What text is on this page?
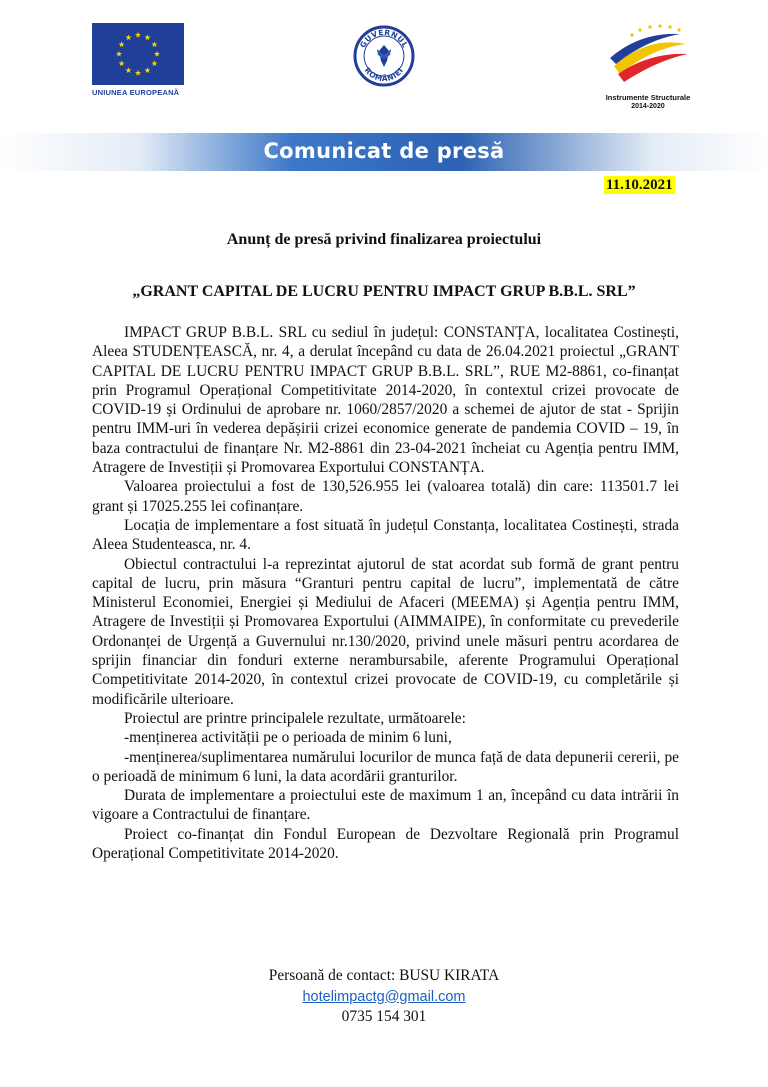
UNIUNEA EUROPEANĂ
GUVERNUL
ROMÂNIEI
Instrumente Structurale
2014-2020
Comunicat de presă
11.10.2021
Anunț de presă privind finalizarea proiectului
„GRANT CAPITAL DE LUCRU PENTRU IMPACT GRUP B.B.L. SRL”

IMPACT GRUP B.B.L. SRL cu sediul în județul: CONSTANȚA, localitatea Costinești, Aleea STUDENȚEASCĂ, nr. 4, a derulat începând cu data de 26.04.2021 proiectul „GRANT CAPITAL DE LUCRU PENTRU IMPACT GRUP B.B.L. SRL”, RUE M2-8861, co-finanțat prin Programul Operațional Competitivitate 2014-2020, în contextul crizei provocate de COVID-19 și Ordinului de aprobare nr. 1060/2857/2020 a schemei de ajutor de stat - Sprijin pentru IMM-uri în vederea depășirii crizei economice generate de pandemia COVID – 19, în baza contractului de finanțare Nr. M2-8861 din 23-04-2021 încheiat cu Agenția pentru IMM, Atragere de Investiții și Promovarea Exportului CONSTANȚA.

Valoarea proiectului a fost de 130,526.955 lei (valoarea totală) din care: 113501.7 lei grant și 17025.255 lei cofinanțare.

Locația de implementare a fost situată în județul Constanța, localitatea Costinești, strada Aleea Studenteasca, nr. 4.

Obiectul contractului l-a reprezintat ajutorul de stat acordat sub formă de grant pentru capital de lucru, prin măsura “Granturi pentru capital de lucru”, implementată de către Ministerul Economiei, Energiei și Mediului de Afaceri (MEEMA) și Agenția pentru IMM, Atragere de Investiții și Promovarea Exportului (AIMMAIPE), în conformitate cu prevederile Ordonanței de Urgență a Guvernului nr.130/2020, privind unele măsuri pentru acordarea de sprijin financiar din fonduri externe nerambursabile, aferente Programului Operațional Competitivitate 2014-2020, în contextul crizei provocate de COVID-19, cu completările și modificările ulterioare.

Proiectul are printre principalele rezultate, următoarele:

-menținerea activității pe o perioada de minim 6 luni,

-menținerea/suplimentarea numărului locurilor de munca față de data depunerii cererii, pe o perioadă de minimum 6 luni, la data acordării granturilor.

Durata de implementare a proiectului este de maximum 1 an, începând cu data intrării în vigoare a Contractului de finanțare.

Proiect co-finanțat din Fondul European de Dezvoltare Regională prin Programul Operațional Competitivitate 2014-2020.

Persoană de contact: BUSU KIRATA
hotelimpactg@gmail.com
0735 154 301
